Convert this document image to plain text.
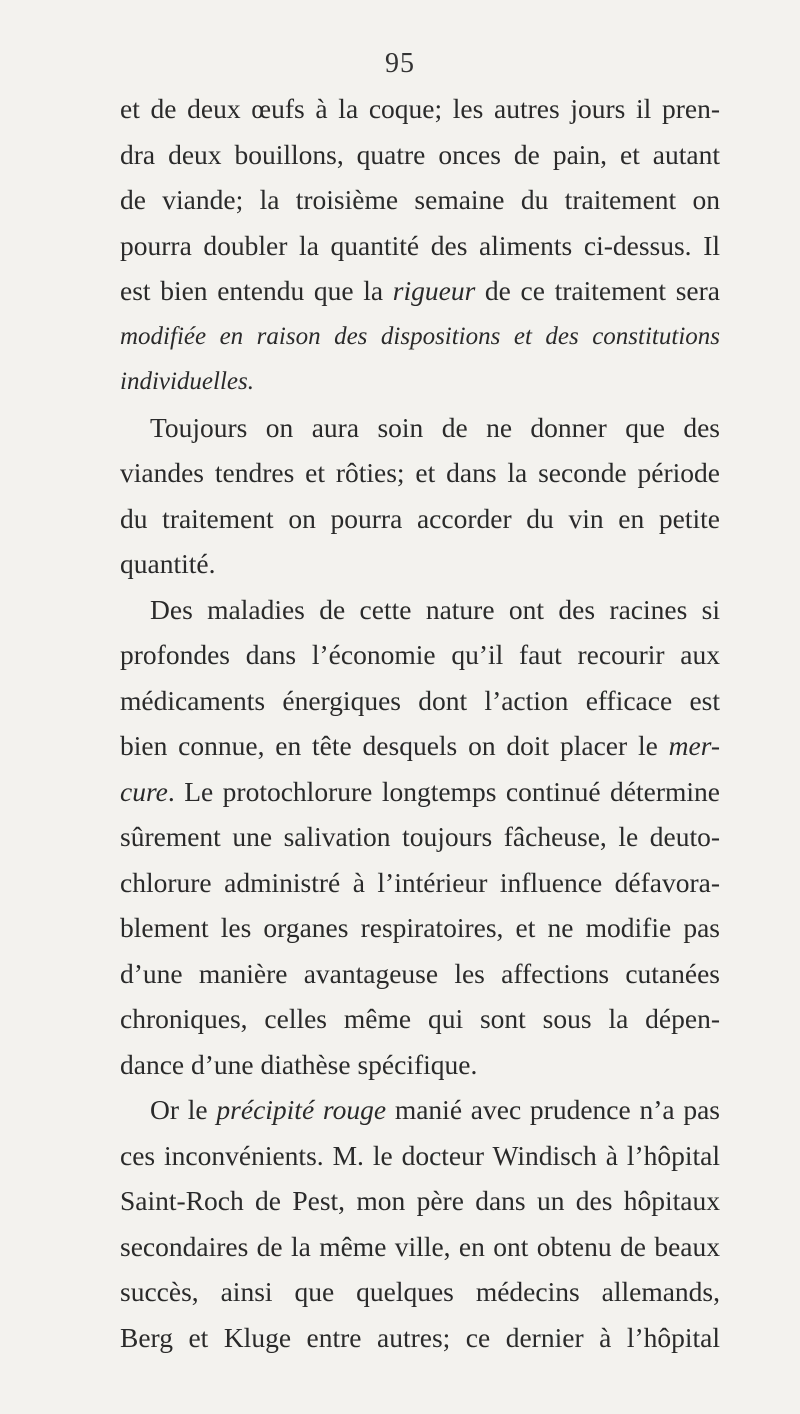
95
et de deux œufs à la coque; les autres jours il pren-
dra deux bouillons, quatre onces de pain, et autant
de viande; la troisième semaine du traitement on
pourra doubler la quantité des aliments ci-dessus. Il
est bien entendu que la rigueur de ce traitement sera
modifiée en raison des dispositions et des constitutions
individuelles.
Toujours on aura soin de ne donner que des
viandes tendres et rôties; et dans la seconde période
du traitement on pourra accorder du vin en petite
quantité.
Des maladies de cette nature ont des racines si
profondes dans l’économie qu’il faut recourir aux
médicaments énergiques dont l’action efficace est
bien connue, en tête desquels on doit placer le mer-
cure. Le protochlorure longtemps continué détermine
sûrement une salivation toujours fâcheuse, le deuto-
chlorure administré à l’intérieur influence défavora-
blement les organes respiratoires, et ne modifie pas
d’une manière avantageuse les affections cutanées
chroniques, celles même qui sont sous la dépen-
dance d’une diathèse spécifique.
Or le précipité rouge manié avec prudence n’a pas
ces inconvénients. M. le docteur Windisch à l’hôpital
Saint-Roch de Pest, mon père dans un des hôpitaux
secondaires de la même ville, en ont obtenu de beaux
succès, ainsi que quelques médecins allemands,
Berg et Kluge entre autres; ce dernier à l’hôpital
